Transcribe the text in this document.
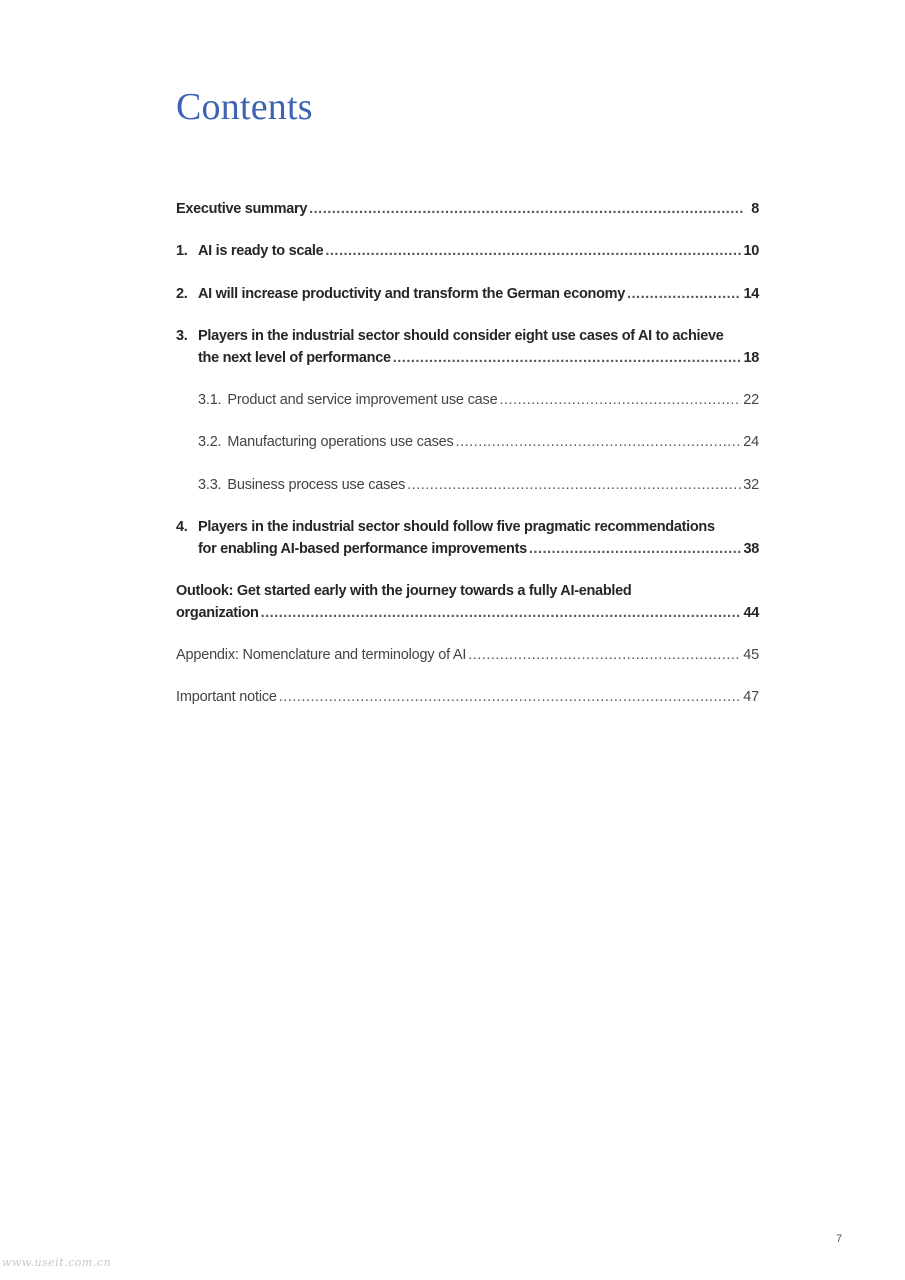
Contents
Executive summary .....	8
1. AI is ready to scale .....	10
2. AI will increase productivity and transform the German economy .....	14
3. Players in the industrial sector should consider eight use cases of AI to achieve
the next level of performance .....	18
3.1. Product and service improvement use case .....	22
3.2. Manufacturing operations use cases .....	24
3.3. Business process use cases .....	32
4. Players in the industrial sector should follow five pragmatic recommendations
for enabling AI-based performance improvements .....	38
Outlook: Get started early with the journey towards a fully AI-enabled
organization .....	44
Appendix: Nomenclature and terminology of AI .....	45
Important notice .....	47
7
www.useit.com.cn
